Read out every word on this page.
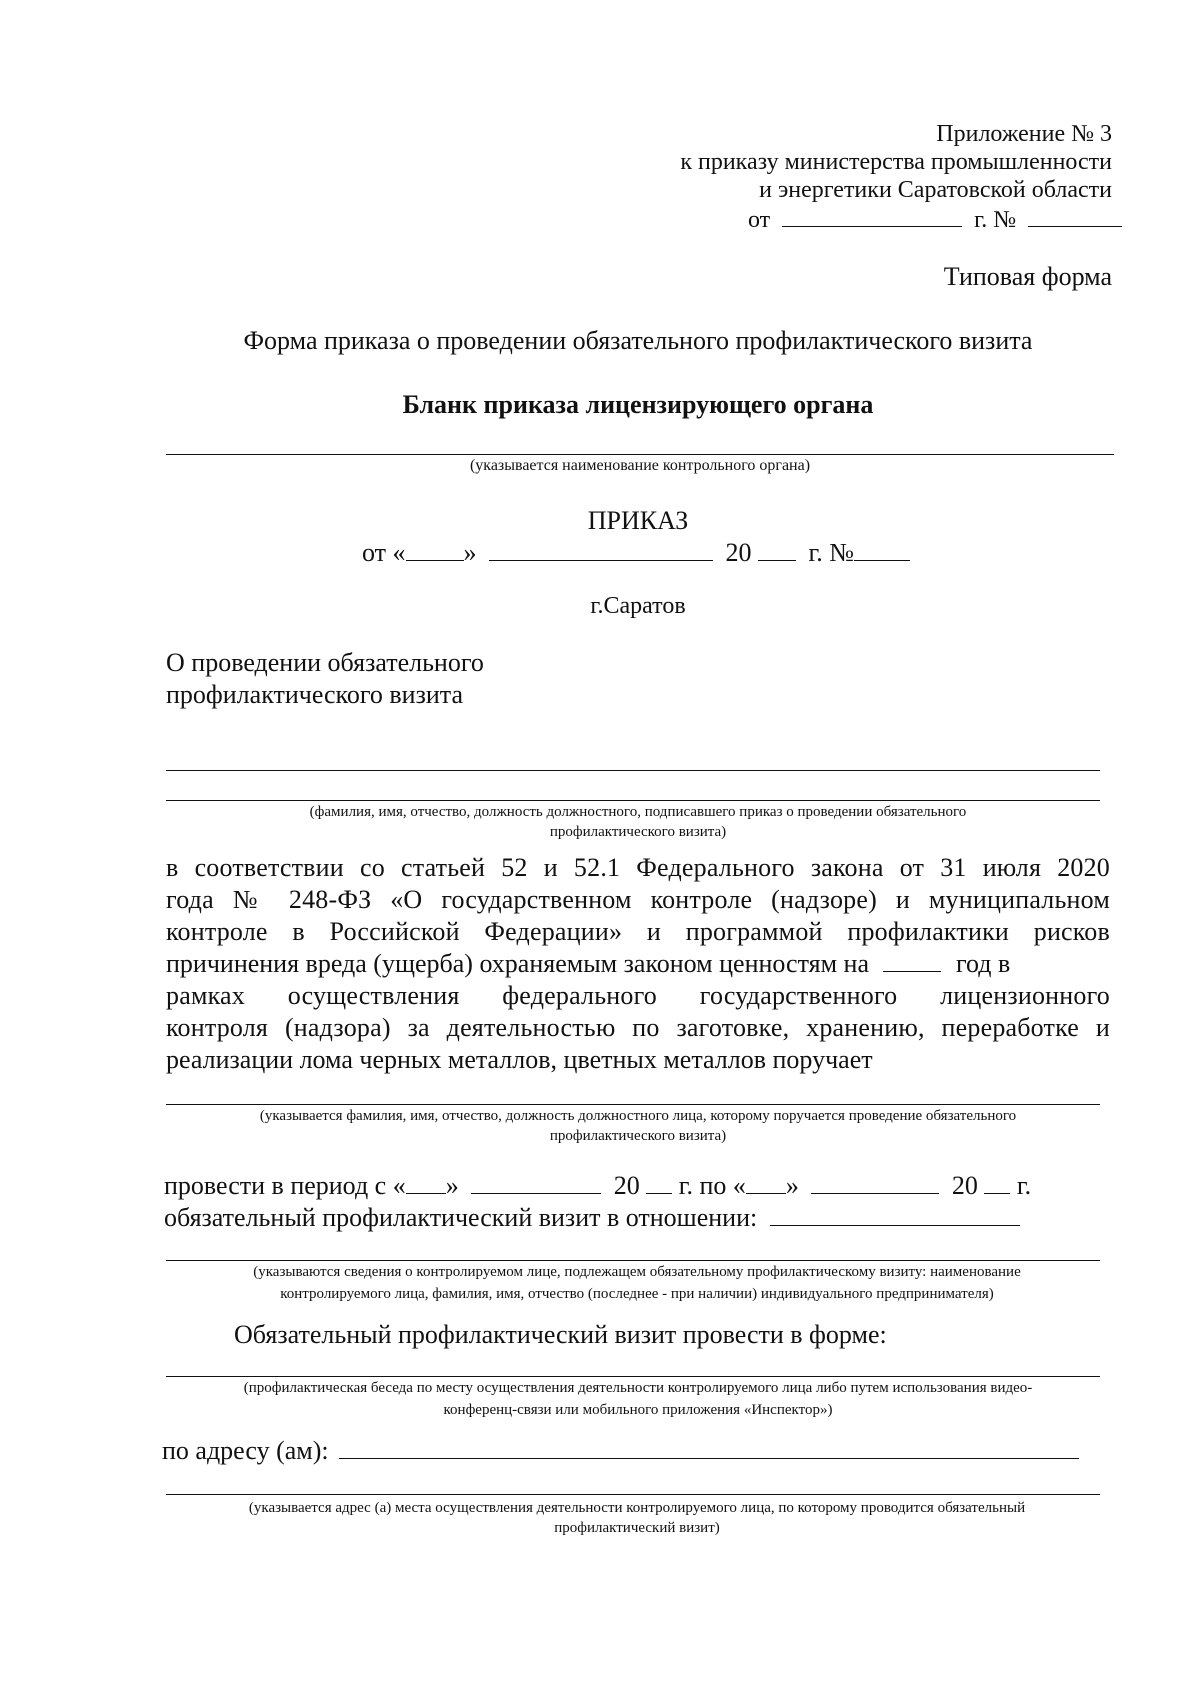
Приложение № 3
к приказу министерства промышленности
и энергетики Саратовской области
от	г. №
Типовая форма
Форма приказа о проведении обязательного профилактического визита
Бланк приказа лицензирующего органа
(указывается наименование контрольного органа)
ПРИКАЗ
от « »	20 г. №
г.Саратов
О проведении обязательного
профилактического визита
(фамилия, имя, отчество, должность должностного, подписавшего приказ о проведении обязательного
профилактического визита)
в соответствии со статьей 52 и 52.1 Федерального закона от 31 июля 2020
года № 248-ФЗ «О государственном контроле (надзоре) и муниципальном
контроле в Российской Федерации» и программой профилактики рисков
причинения вреда (ущерба) охраняемым законом ценностям на	год в
рамках осуществления федерального государственного лицензионного
контроля (надзора) за деятельностью по заготовке, хранению, переработке и
реализации лома черных металлов, цветных металлов поручает
(указывается фамилия, имя, отчество, должность должностного лица, которому поручается проведение обязательного
профилактического визита)
провести в период с « »	20 г. по « »	20 г.
обязательный профилактический визит в отношении:
(указываются сведения о контролируемом лице, подлежащем обязательному профилактическому визиту: наименование
контролируемого лица, фамилия, имя, отчество (последнее - при наличии) индивидуального предпринимателя)
Обязательный профилактический визит провести в форме:
(профилактическая беседа по месту осуществления деятельности контролируемого лица либо путем использования видео-
конференц-связи или мобильного приложения «Инспектор»)
по адресу (ам):
(указывается адрес (а) места осуществления деятельности контролируемого лица, по которому проводится обязательный
профилактический визит)
